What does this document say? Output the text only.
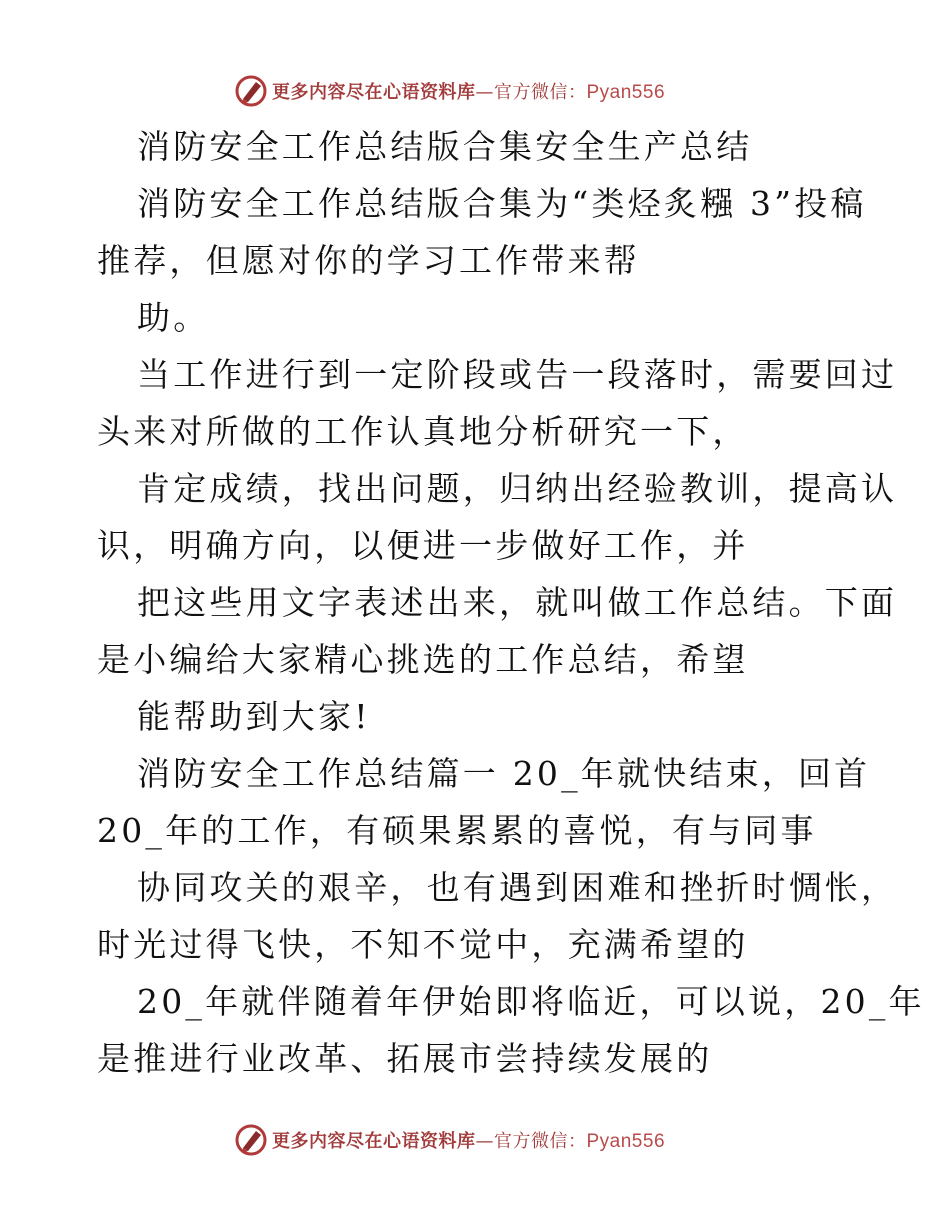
更多内容尽在心语资料库—官方微信：Pyan556
消防安全工作总结版合集安全生产总结
消防安全工作总结版合集为“类烃炙糨 3”投稿
推荐，但愿对你的学习工作带来帮
助。
当工作进行到一定阶段或告一段落时，需要回过
头来对所做的工作认真地分析研究一下，
肯定成绩，找出问题，归纳出经验教训，提高认
识，明确方向，以便进一步做好工作，并
把这些用文字表述出来，就叫做工作总结。下面
是小编给大家精心挑选的工作总结，希望
能帮助到大家!
消防安全工作总结篇一 20_年就快结束，回首
20_年的工作，有硕果累累的喜悦，有与同事
协同攻关的艰辛，也有遇到困难和挫折时惆怅，
时光过得飞快，不知不觉中，充满希望的
20_年就伴随着年伊始即将临近，可以说，20_年
是推进行业改革、拓展市尝持续发展的
更多内容尽在心语资料库—官方微信：Pyan556
